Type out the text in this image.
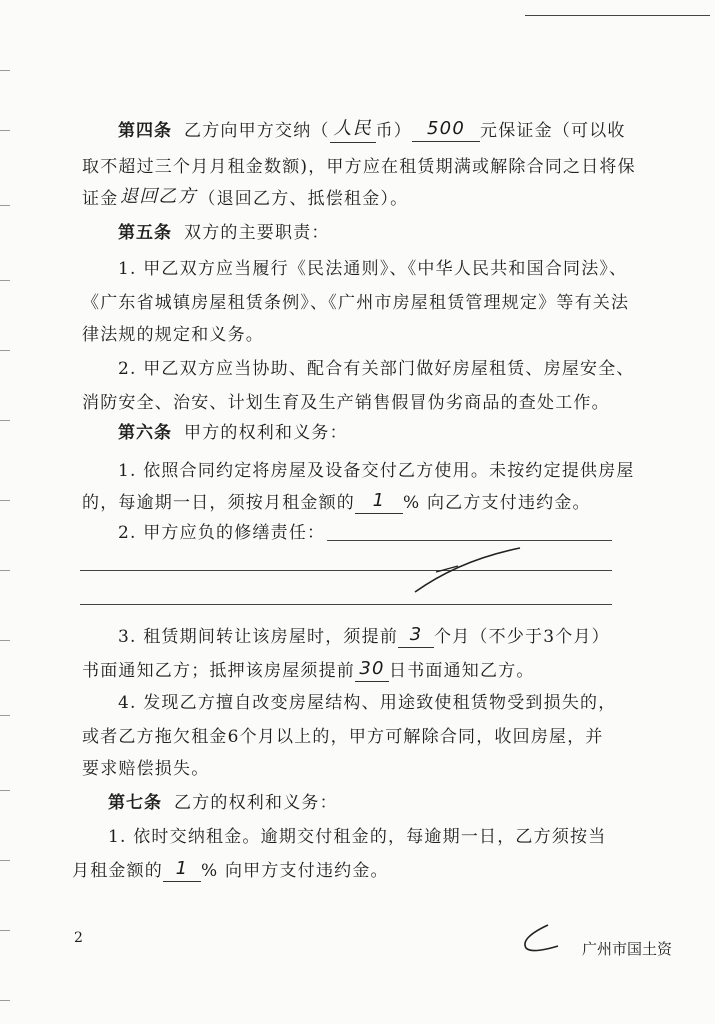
第四条 乙方向甲方交纳（ 人民 币） 500 元保证金（可以收
取不超过三个月月租金数额)，甲方应在租赁期满或解除合同之日将保
证金退回乙方（退回乙方、抵偿租金）。
第五条 双方的主要职责：
1. 甲乙双方应当履行《民法通则》、《中华人民共和国合同法》、
《广东省城镇房屋租赁条例》、《广州市房屋租赁管理规定》等有关法
律法规的规定和义务。
2. 甲乙双方应当协助、配合有关部门做好房屋租赁、房屋安全、
消防安全、治安、计划生育及生产销售假冒伪劣商品的查处工作。
第六条 甲方的权利和义务：
1. 依照合同约定将房屋及设备交付乙方使用。未按约定提供房屋
的，每逾期一日，须按月租金额的 1 % 向乙方支付违约金。
2. 甲方应负的修缮责任：
3. 租赁期间转让该房屋时，须提前 3 个月（不少于3个月）
书面通知乙方；抵押该房屋须提前 30 日书面通知乙方。
4. 发现乙方擅自改变房屋结构、用途致使租赁物受到损失的，
或者乙方拖欠租金6个月以上的，甲方可解除合同，收回房屋，并
要求赔偿损失。
第七条 乙方的权利和义务：
1. 依时交纳租金。逾期交付租金的，每逾期一日，乙方须按当
月租金额的 1 % 向甲方支付违约金。
2
广州市国土资
